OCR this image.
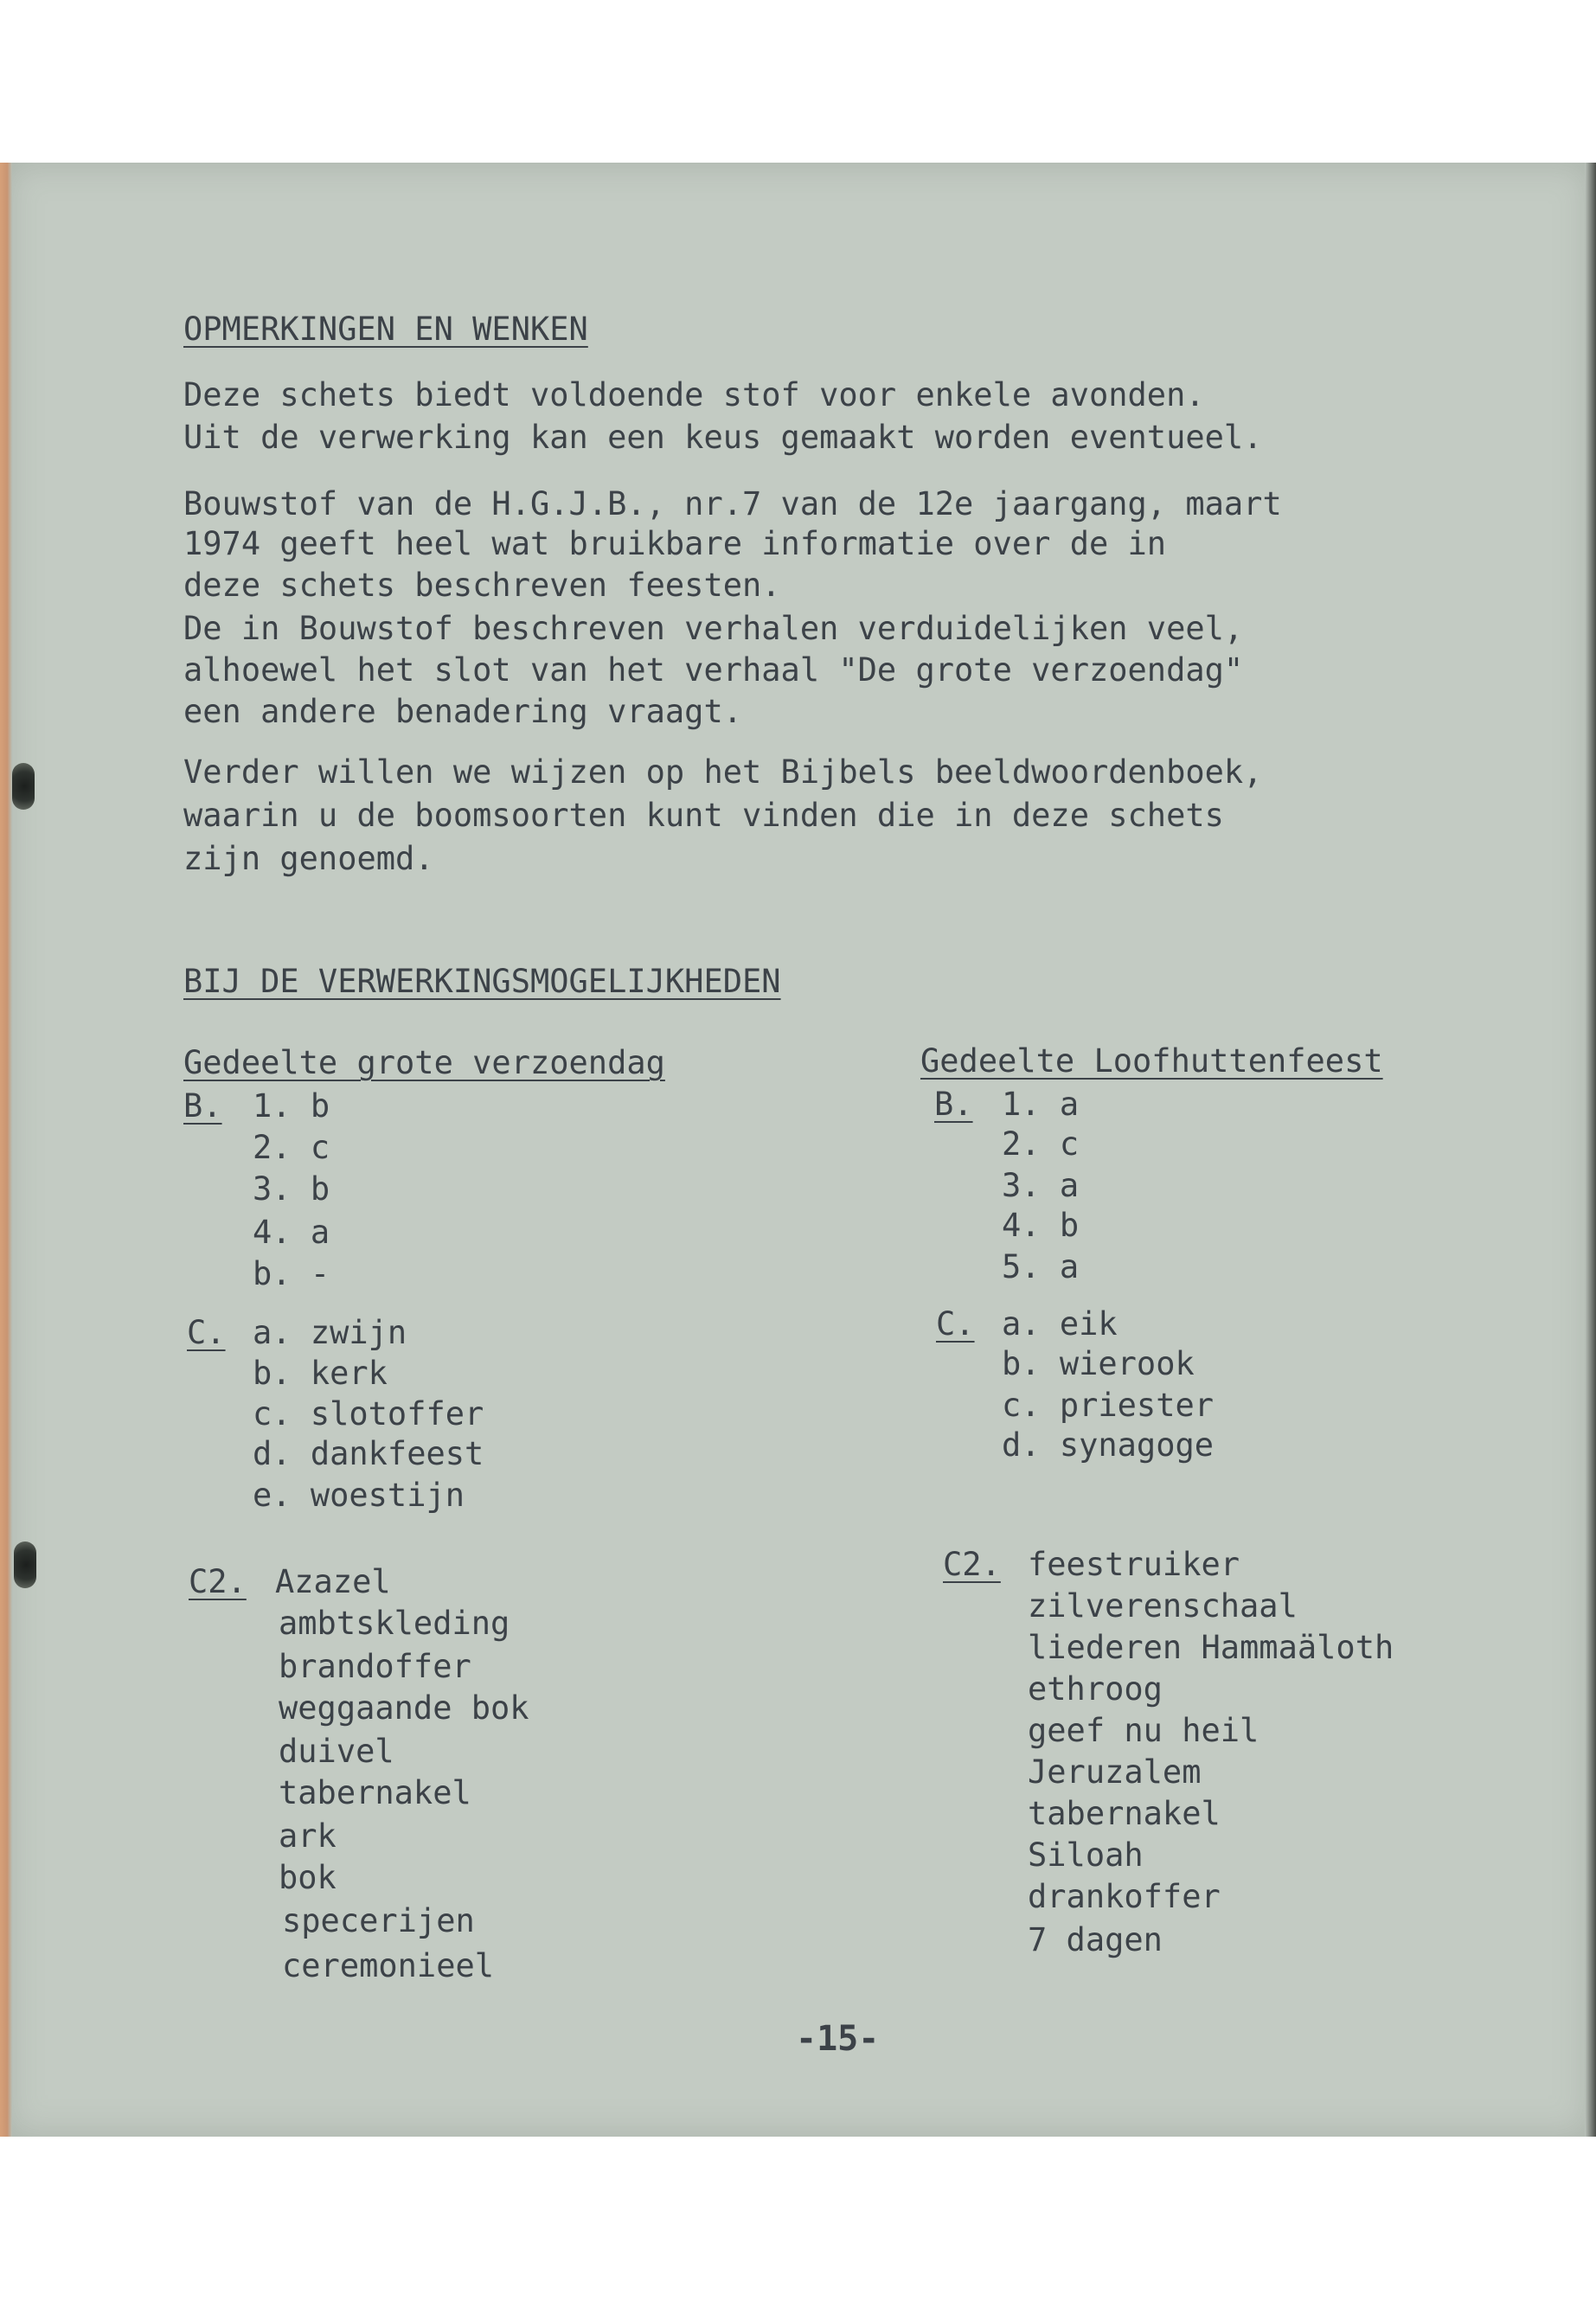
OPMERKINGEN EN WENKEN
Deze schets biedt voldoende stof voor enkele avonden.
Uit de verwerking kan een keus gemaakt worden eventueel.
Bouwstof van de H.G.J.B., nr.7 van de 12e jaargang, maart
1974 geeft heel wat bruikbare informatie over de in
deze schets beschreven feesten.
De in Bouwstof beschreven verhalen verduidelijken veel,
alhoewel het slot van het verhaal "De grote verzoendag"
een andere benadering vraagt.
Verder willen we wijzen op het Bijbels beeldwoordenboek,
waarin u de boomsoorten kunt vinden die in deze schets
zijn genoemd.
BIJ DE VERWERKINGSMOGELIJKHEDEN
Gedeelte grote verzoendag
B. 1. b
2. c
3. b
4. a
b. -
C. a. zwijn
b. kerk
c. slotoffer
d. dankfeest
e. woestijn
C2. Azazel
ambtskleding
brandoffer
weggaande bok
duivel
tabernakel
ark
bok
specerijen
ceremonieel
Gedeelte Loofhuttenfeest
B. 1. a
2. c
3. a
4. b
5. a
C. a. eik
b. wierook
c. priester
d. synagoge
C2. feestruiker
zilverenschaal
liederen Hammaäloth
ethroog
geef nu heil
Jeruzalem
tabernakel
Siloah
drankoffer
7 dagen
-15-
